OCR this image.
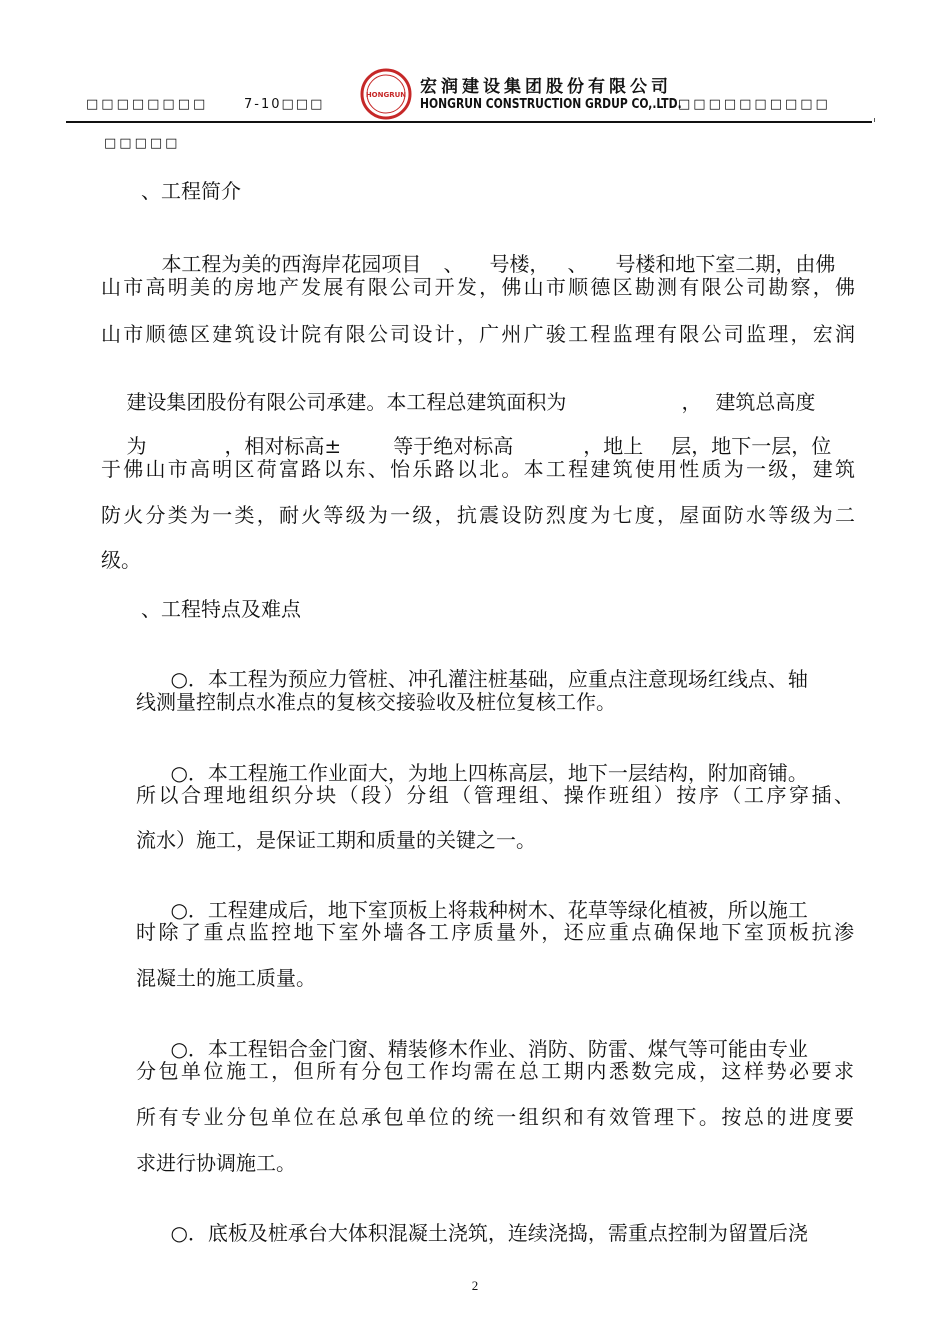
□□□□□□□□	7-10□□□
HONGRUN 宏润建设集团股份有限公司
HONGRUN CONSTRUCTION GRDUP CO,.LTD.
□□□□□□□□□□
□□□□□
、工程简介

本工程为美的西海岸花园项目 、 号楼， 、 号楼和地下室二期，由佛

山市高明美的房地产发展有限公司开发，佛山市顺德区勘测有限公司勘察，佛
山市顺德区建筑设计院有限公司设计，广州广骏工程监理有限公司监理，宏润

建设集团股份有限公司承建。本工程总建筑面积为	， 建筑总高度

为	，相对标高±	等于绝对标高	，地上 层，地下一层，位

于佛山市高明区荷富路以东、怡乐路以北。本工程建筑使用性质为一级，建筑
防火分类为一类，耐火等级为一级，抗震设防烈度为七度，屋面防水等级为二
级。
、工程特点及难点

○．本工程为预应力管桩、冲孔灌注桩基础，应重点注意现场红线点、轴

线测量控制点水准点的复核交接验收及桩位复核工作。

○．本工程施工作业面大，为地上四栋高层，地下一层结构，附加商铺。

所以合理地组织分块（段）分组（管理组、操作班组）按序（工序穿插、
流水）施工，是保证工期和质量的关键之一。

○．工程建成后，地下室顶板上将栽种树木、花草等绿化植被，所以施工

时除了重点监控地下室外墙各工序质量外，还应重点确保地下室顶板抗渗
混凝土的施工质量。

○．本工程铝合金门窗、精装修木作业、消防、防雷、煤气等可能由专业

分包单位施工，但所有分包工作均需在总工期内悉数完成，这样势必要求
所有专业分包单位在总承包单位的统一组织和有效管理下。按总的进度要
求进行协调施工。

○．底板及桩承台大体积混凝土浇筑，连续浇捣，需重点控制为留置后浇

2
